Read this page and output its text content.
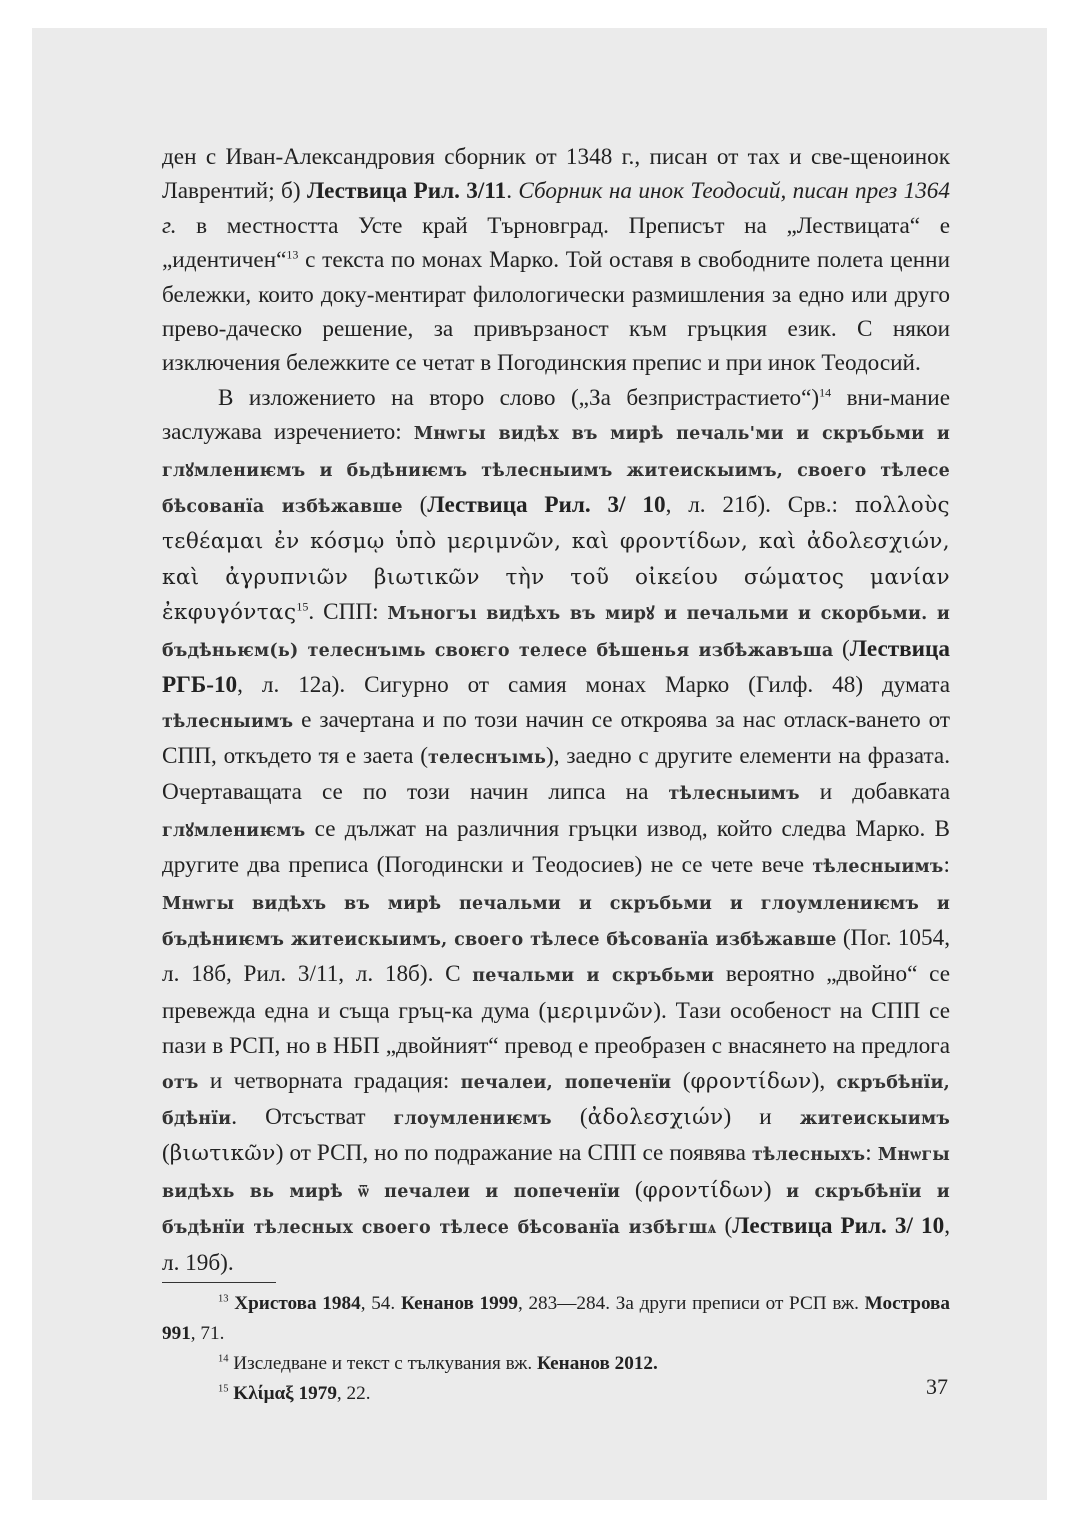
ден с Иван-Александровия сборник от 1348 г., писан от тах и све-щеноинок Лаврентий; б) Лествица Рил. 3/11. Сборник на инок Теодосий, писан през 1364 г. в местността Усте край Търновград. Преписът на „Лествицата“ е „идентичен“$^{13}$ с текста по монах Марко. Той оставя в свободните полета ценни бележки, които доку-ментират филологически размишления за едно или друго прево-даческо решение, за привързаност към гръцкия език. С някои изключения бележките се четат в Погодинския препис и при инок Теодосий.

В изложението на второ слово („За безпристрастието“)$^{14}$ вни-мание заслужава изречението: Мнѡгы видѣх въ мирѣ печаль'ми и скръбьми и глꙋмлениѥмъ и бьдѣниѥмъ тѣлесныимъ житеискыимъ, своего тѣлесе бѣсованїа избѣжавше (Лествица Рил. 3/ 10, л. 21б). Срв.: πολλοὺς τεθέαμαι ἐν κόσμῳ ὑπὸ μεριμνῶν, καὶ φροντίδων, καὶ ἀδολεσχιών, καὶ ἀγρυπνιῶν βιωτικῶν τὴν τοῦ οἰκείου σώματος μανίαν ἐκφυγόντας$^{15}$. СПП: Мъногъı видѣхъ въ мирꙋ и печальми и скорбьми. и бъдѣньѥм(ь) телеснъıмь своѥго телесе бѣшенья избѣжавъша (Лествица РГБ-10, л. 12а). Сигурно от самия монах Марко (Гилф. 48) думата тѣлесныимъ е зачертана и по този начин се откроява за нас отласк-ването от СПП, откъдето тя е заета (телеснъıмь), заедно с другите елементи на фразата. Очертаващата се по този начин липса на тѣлесныимъ и добавката глꙋмлениѥмъ се дължат на различния гръцки извод, който следва Марко. В другите два преписа (Погодински и Теодосиев) не се чете вече тѣлесныимъ: Мнѡгы видѣхъ въ мирѣ печальми и скръбьми и глоумлениѥмъ и бъдѣниѥмъ житеискыимъ, своего тѣлесе бѣсованїа избѣжавше (Пог. 1054, л. 18б, Рил. 3/11, л. 18б). С печальми и скръбьми вероятно „двойно“ се превежда една и съща гръц-ка дума (μεριμνῶν). Тази особеност на СПП се пази в РСП, но в НБП „двойният“ превод е преобразен с внасянето на предлога отъ и четворната градация: печалеи, попеченїи (φροντίδων), скръбѣнїи, бдѣнїи. Отсъстват глоумлениѥмъ (ἀδολεσχιών) и житеискыимъ (βιωτικῶν) от РСП, но по подражание на СПП се появява тѣлесныхъ: Мнѡгы видѣхь вь мирѣ ѿ печалеи и попеченїи (φροντίδων) и скръбѣнїи и бъдѣнїи тѣлесных своего тѣлесе бѣсованїа избѣгшѧ (Лествица Рил. 3/ 10, л. 19б).

$^{13}$ Христова 1984, 54. Кенанов 1999, 283—284. За други преписи от РСП вж. Мострова 991, 71.

$^{14}$ Изследване и текст с тълкувания вж. Кенанов 2012.

$^{15}$ Κλίμαξ 1979, 22.	37
